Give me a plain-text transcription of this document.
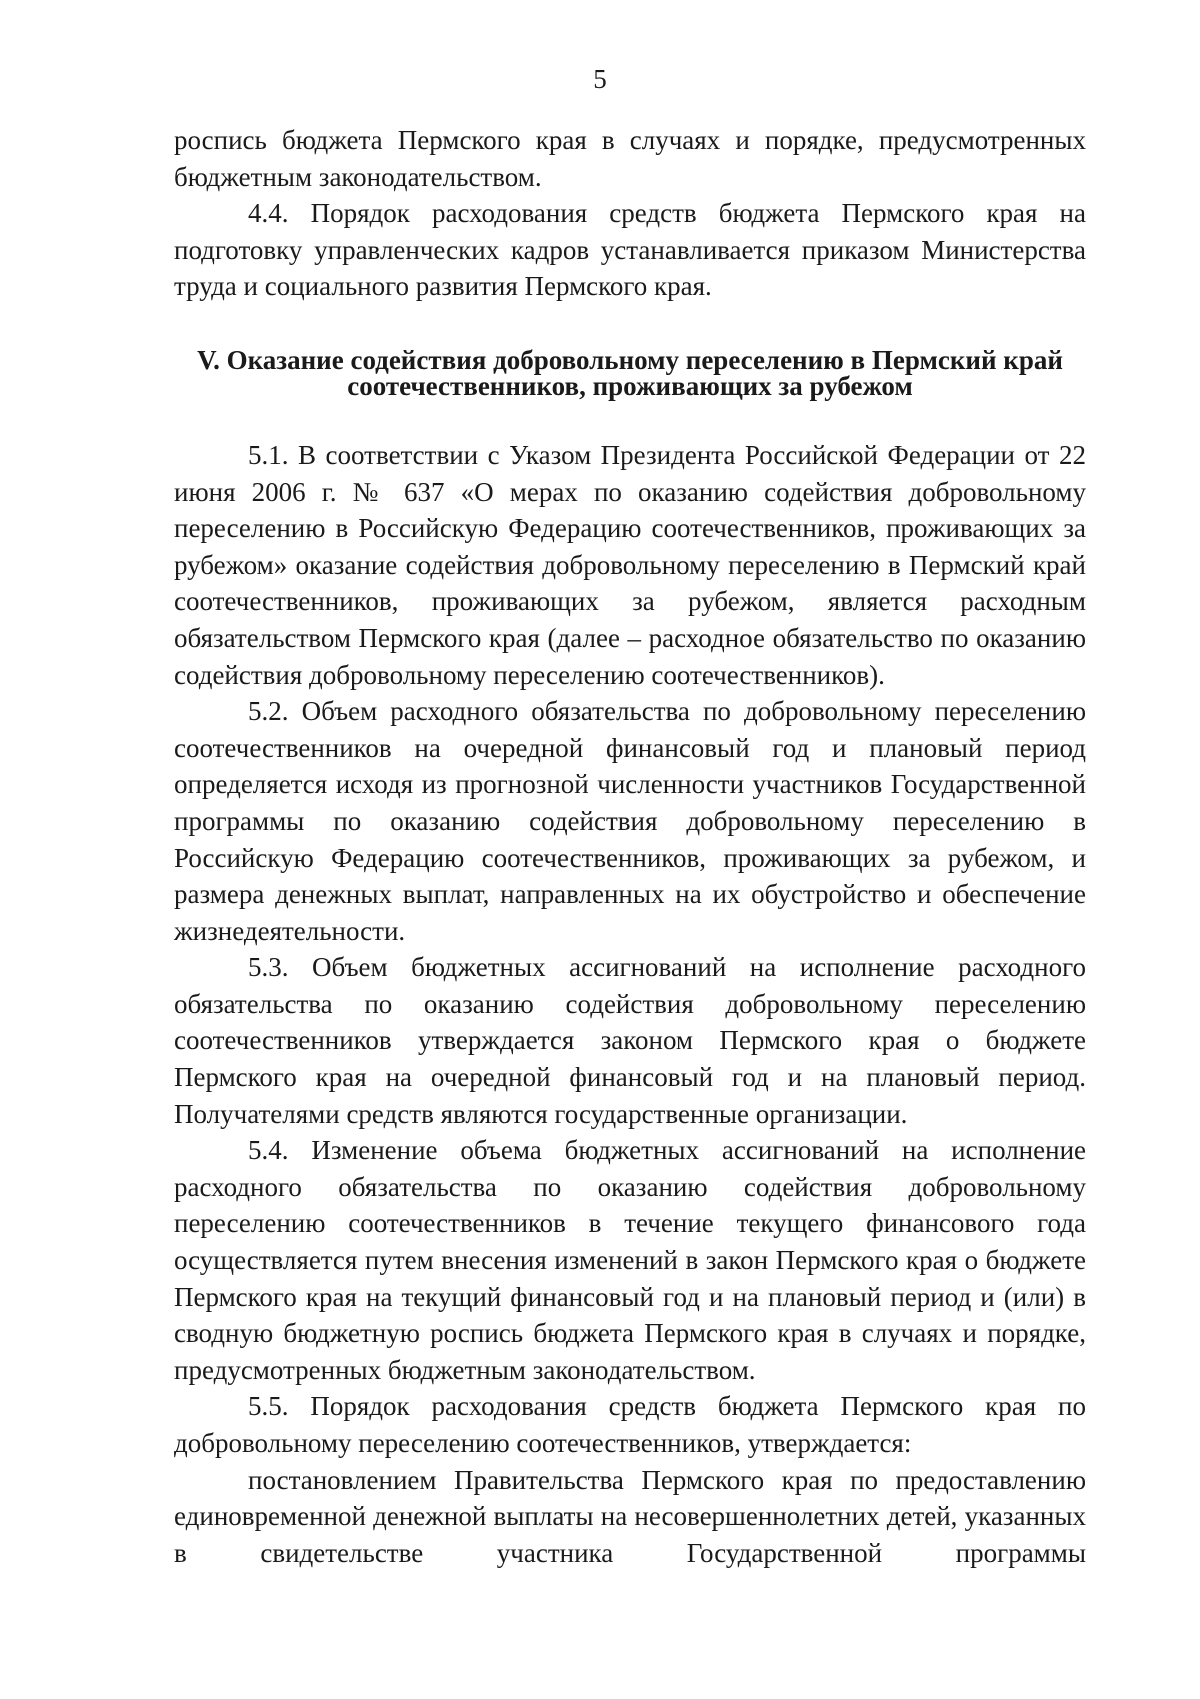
5

роспись бюджета Пермского края в случаях и порядке, предусмотренных бюджетным законодательством.

4.4. Порядок расходования средств бюджета Пермского края на подготовку управленческих кадров устанавливается приказом Министерства труда и социального развития Пермского края.

V. Оказание содействия добровольному переселению в Пермский край
соотечественников, проживающих за рубежом

5.1. В соответствии с Указом Президента Российской Федерации от 22 июня 2006 г. № 637 «О мерах по оказанию содействия добровольному переселению в Российскую Федерацию соотечественников, проживающих за рубежом» оказание содействия добровольному переселению в Пермский край соотечественников, проживающих за рубежом, является расходным обязательством Пермского края (далее – расходное обязательство по оказанию содействия добровольному переселению соотечественников).

5.2. Объем расходного обязательства по добровольному переселению соотечественников на очередной финансовый год и плановый период определяется исходя из прогнозной численности участников Государственной программы по оказанию содействия добровольному переселению в Российскую Федерацию соотечественников, проживающих за рубежом, и размера денежных выплат, направленных на их обустройство и обеспечение жизнедеятельности.

5.3. Объем бюджетных ассигнований на исполнение расходного обязательства по оказанию содействия добровольному переселению соотечественников утверждается законом Пермского края о бюджете Пермского края на очередной финансовый год и на плановый период. Получателями средств являются государственные организации.

5.4. Изменение объема бюджетных ассигнований на исполнение расходного обязательства по оказанию содействия добровольному переселению соотечественников в течение текущего финансового года осуществляется путем внесения изменений в закон Пермского края о бюджете Пермского края на текущий финансовый год и на плановый период и (или) в сводную бюджетную роспись бюджета Пермского края в случаях и порядке, предусмотренных бюджетным законодательством.

5.5. Порядок расходования средств бюджета Пермского края по добровольному переселению соотечественников, утверждается:

постановлением Правительства Пермского края по предоставлению единовременной денежной выплаты на несовершеннолетних детей, указанных в свидетельстве участника Государственной программы
